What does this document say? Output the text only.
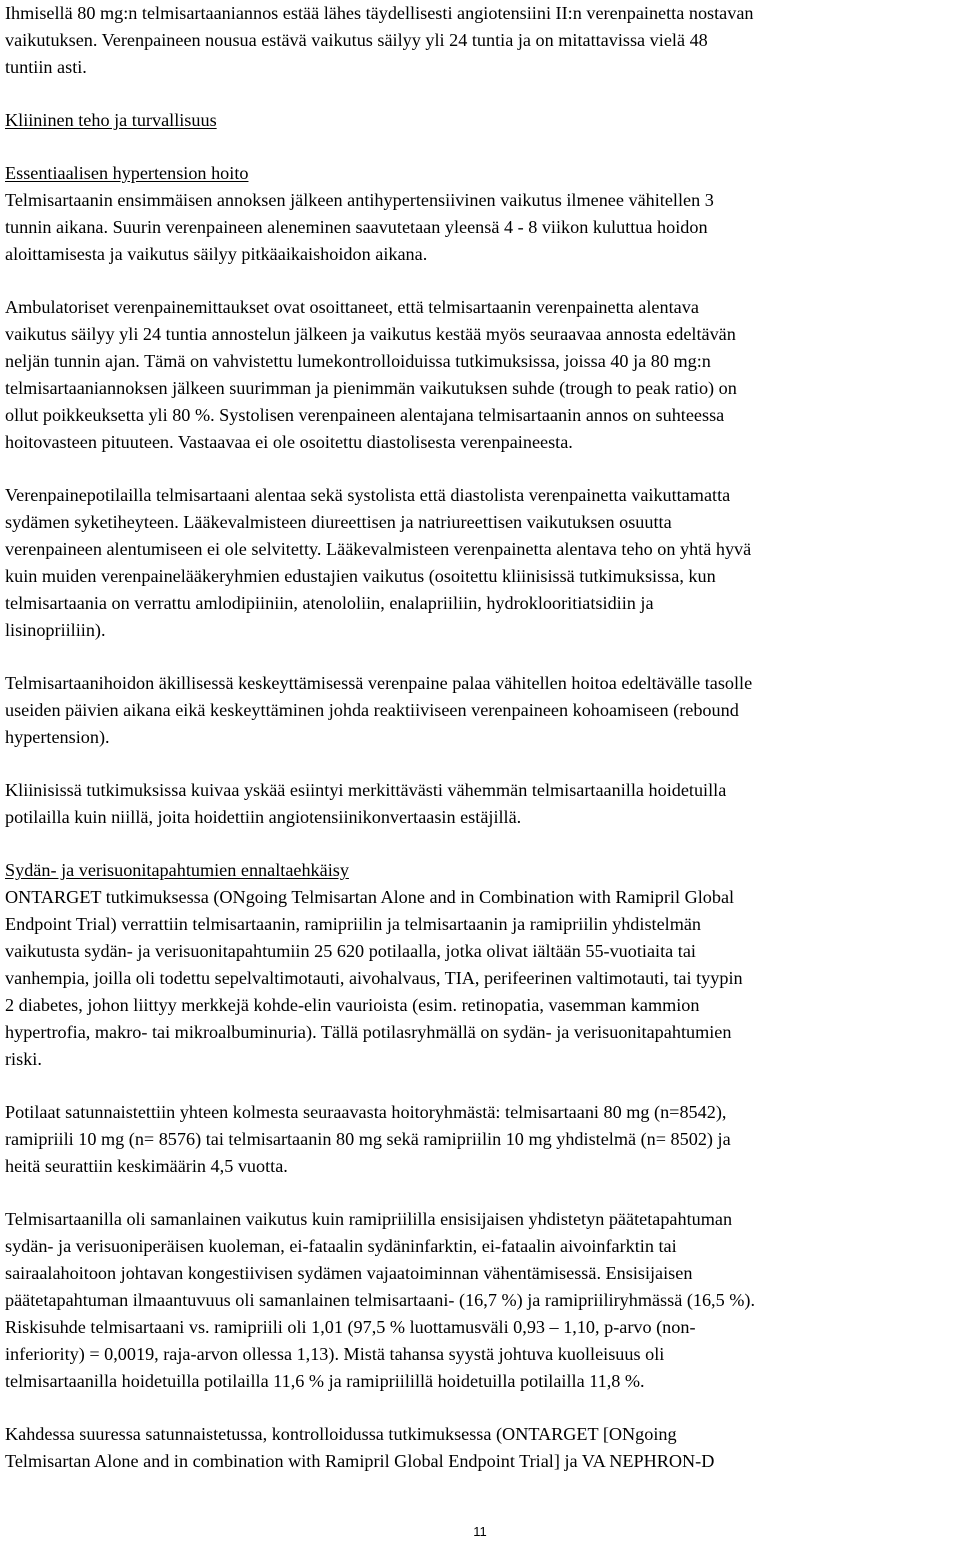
Ihmisellä 80 mg:n telmisartaaniannos estää lähes täydellisesti angiotensiini II:n verenpainetta nostavan

vaikutuksen. Verenpaineen nousua estävä vaikutus säilyy yli 24 tuntia ja on mitattavissa vielä 48

tuntiin asti.

Kliininen teho ja turvallisuus

Essentiaalisen hypertension hoito

Telmisartaanin ensimmäisen annoksen jälkeen antihypertensiivinen vaikutus ilmenee vähitellen 3

tunnin aikana. Suurin verenpaineen aleneminen saavutetaan yleensä 4 - 8 viikon kuluttua hoidon

aloittamisesta ja vaikutus säilyy pitkäaikaishoidon aikana.

Ambulatoriset verenpainemittaukset ovat osoittaneet, että telmisartaanin verenpainetta alentava

vaikutus säilyy yli 24 tuntia annostelun jälkeen ja vaikutus kestää myös seuraavaa annosta edeltävän

neljän tunnin ajan. Tämä on vahvistettu lumekontrolloiduissa tutkimuksissa, joissa 40 ja 80 mg:n

telmisartaaniannoksen jälkeen suurimman ja pienimmän vaikutuksen suhde (trough to peak ratio) on

ollut poikkeuksetta yli 80 %. Systolisen verenpaineen alentajana telmisartaanin annos on suhteessa

hoitovasteen pituuteen. Vastaavaa ei ole osoitettu diastolisesta verenpaineesta.

Verenpainepotilailla telmisartaani alentaa sekä systolista että diastolista verenpainetta vaikuttamatta

sydämen syketiheyteen. Lääkevalmisteen diureettisen ja natriureettisen vaikutuksen osuutta

verenpaineen alentumiseen ei ole selvitetty. Lääkevalmisteen verenpainetta alentava teho on yhtä hyvä

kuin muiden verenpainelääkeryhmien edustajien vaikutus (osoitettu kliinisissä tutkimuksissa, kun

telmisartaania on verrattu amlodipiiniin, atenololiin, enalapriiliin, hydroklooritiatsidiin ja

lisinopriiliin).

Telmisartaanihoidon äkillisessä keskeyttämisessä verenpaine palaa vähitellen hoitoa edeltävälle tasolle

useiden päivien aikana eikä keskeyttäminen johda reaktiiviseen verenpaineen kohoamiseen (rebound

hypertension).

Kliinisissä tutkimuksissa kuivaa yskää esiintyi merkittävästi vähemmän telmisartaanilla hoidetuilla

potilailla kuin niillä, joita hoidettiin angiotensiinikonvertaasin estäjillä.

Sydän- ja verisuonitapahtumien ennaltaehkäisy

ONTARGET tutkimuksessa (ONgoing Telmisartan Alone and in Combination with Ramipril Global

Endpoint Trial) verrattiin telmisartaanin, ramipriilin ja telmisartaanin ja ramipriilin yhdistelmän

vaikutusta sydän- ja verisuonitapahtumiin 25 620 potilaalla, jotka olivat iältään 55-vuotiaita tai

vanhempia, joilla oli todettu sepelvaltimotauti, aivohalvaus, TIA, perifeerinen valtimotauti, tai tyypin

2 diabetes, johon liittyy merkkejä kohde-elin vaurioista (esim. retinopatia, vasemman kammion

hypertrofia, makro- tai mikroalbuminuria). Tällä potilasryhmällä on sydän- ja verisuonitapahtumien

riski.

Potilaat satunnaistettiin yhteen kolmesta seuraavasta hoitoryhmästä: telmisartaani 80 mg (n=8542),

ramipriili 10 mg (n= 8576) tai telmisartaanin 80 mg sekä ramipriilin 10 mg yhdistelmä (n= 8502) ja

heitä seurattiin keskimäärin 4,5 vuotta.

Telmisartaanilla oli samanlainen vaikutus kuin ramipriililla ensisijaisen yhdistetyn päätetapahtuman

sydän- ja verisuoniperäisen kuoleman, ei-fataalin sydäninfarktin, ei-fataalin aivoinfarktin tai

sairaalahoitoon johtavan kongestiivisen sydämen vajaatoiminnan vähentämisessä. Ensisijaisen

päätetapahtuman ilmaantuvuus oli samanlainen telmisartaani- (16,7 %) ja ramipriiliryhmässä (16,5 %).

Riskisuhde telmisartaani vs. ramipriili oli 1,01 (97,5 % luottamusväli 0,93 – 1,10, p-arvo (non-

inferiority) = 0,0019, raja-arvon ollessa 1,13). Mistä tahansa syystä johtuva kuolleisuus oli

telmisartaanilla hoidetuilla potilailla 11,6 % ja ramipriilillä hoidetuilla potilailla 11,8 %.

Kahdessa suuressa satunnaistetussa, kontrolloidussa tutkimuksessa (ONTARGET [ONgoing

Telmisartan Alone and in combination with Ramipril Global Endpoint Trial] ja VA NEPHRON-D

11
